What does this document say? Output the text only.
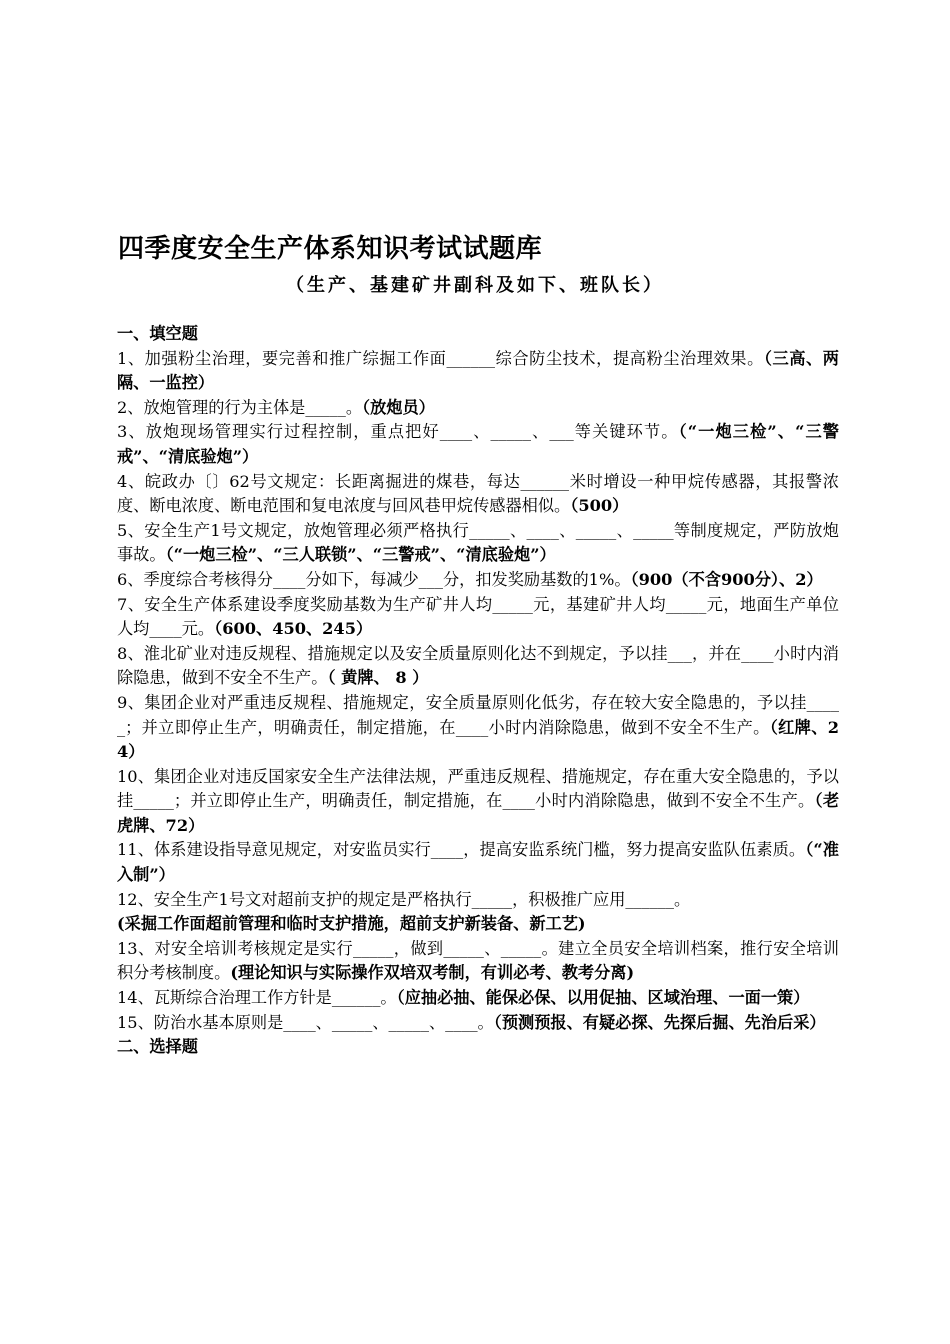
四季度安全生产体系知识考试试题库
（生产、基建矿井副科及如下、班队长）
一、填空题
1、加强粉尘治理，要完善和推广综掘工作面______综合防尘技术，提高粉尘治理效果。（三高、两隔、一监控）
2、放炮管理的行为主体是_____。（放炮员）
3、放炮现场管理实行过程控制，重点把好____、_____、___等关键环节。（“一炮三检”、“三警戒”、“清底验炮”）
4、皖政办〔〕62号文规定：长距离掘进的煤巷，每达______米时增设一种甲烷传感器，其报警浓度、断电浓度、断电范围和复电浓度与回风巷甲烷传感器相似。（500）
5、安全生产1号文规定，放炮管理必须严格执行_____、____、_____、_____等制度规定，严防放炮事故。（“一炮三检”、“三人联锁”、“三警戒”、“清底验炮”）
6、季度综合考核得分____分如下，每减少___分，扣发奖励基数的1%。（900（不含900分）、2）
7、安全生产体系建设季度奖励基数为生产矿井人均_____元，基建矿井人均_____元，地面生产单位人均____元。（600、450、245）
8、淮北矿业对违反规程、措施规定以及安全质量原则化达不到规定，予以挂___，并在____小时内消除隐患，做到不安全不生产。（ 黄牌、 8 ）
9、集团企业对严重违反规程、措施规定，安全质量原则化低劣，存在较大安全隐患的，予以挂_____；并立即停止生产，明确责任，制定措施，在____小时内消除隐患，做到不安全不生产。（红牌、24）
10、集团企业对违反国家安全生产法律法规，严重违反规程、措施规定，存在重大安全隐患的，予以挂_____；并立即停止生产，明确责任，制定措施，在____小时内消除隐患，做到不安全不生产。（老虎牌、72）
11、体系建设指导意见规定，对安监员实行____，提高安监系统门槛，努力提高安监队伍素质。（“准入制”）
12、安全生产1号文对超前支护的规定是严格执行_____，积极推广应用______。
(采掘工作面超前管理和临时支护措施，超前支护新装备、新工艺)
13、对安全培训考核规定是实行_____，做到_____、_____。建立全员安全培训档案，推行安全培训积分考核制度。(理论知识与实际操作双培双考制，有训必考、教考分离)
14、瓦斯综合治理工作方针是______。（应抽必抽、能保必保、以用促抽、区域治理、一面一策）
15、防治水基本原则是____、_____、_____、____。（预测预报、有疑必探、先探后掘、先治后采）
二、选择题
